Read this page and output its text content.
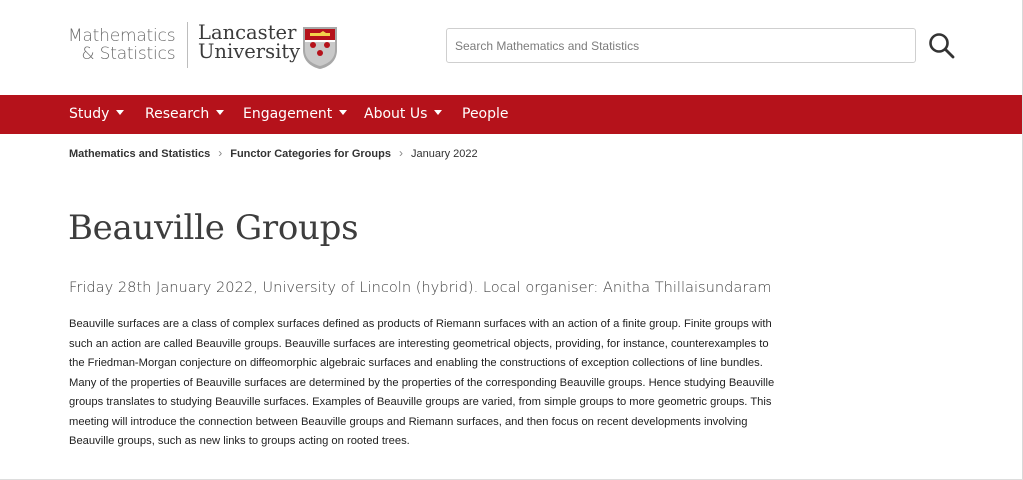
Mathematics
& Statistics
Lancaster
University
Search Mathematics and Statistics
Study	Research	Engagement	About Us	People
Mathematics and Statistics › Functor Categories for Groups › January 2022
Beauville Groups

Friday 28th January 2022, University of Lincoln (hybrid). Local organiser: Anitha Thillaisundaram

Beauville surfaces are a class of complex surfaces defined as products of Riemann surfaces with an action of a finite group. Finite groups with such an action are called Beauville groups. Beauville surfaces are interesting geometrical objects, providing, for instance, counterexamples to the Friedman-Morgan conjecture on diffeomorphic algebraic surfaces and enabling the constructions of exception collections of line bundles. Many of the properties of Beauville surfaces are determined by the properties of the corresponding Beauville groups. Hence studying Beauville groups translates to studying Beauville surfaces. Examples of Beauville groups are varied, from simple groups to more geometric groups. This meeting will introduce the connection between Beauville groups and Riemann surfaces, and then focus on recent developments involving Beauville groups, such as new links to groups acting on rooted trees.
